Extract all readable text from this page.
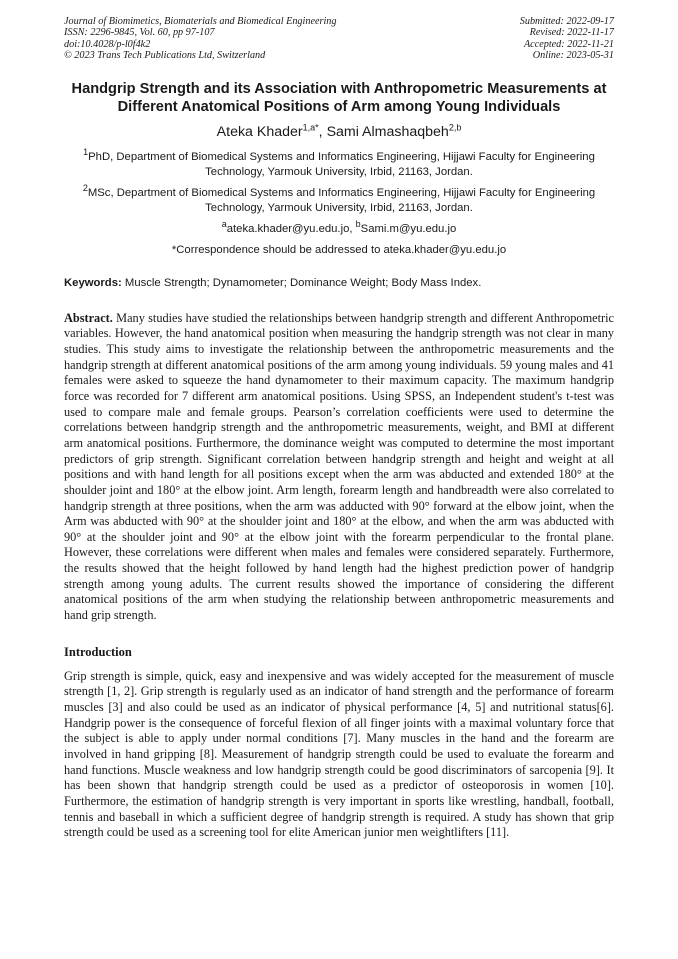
Journal of Biomimetics, Biomaterials and Biomedical Engineering
ISSN: 2296-9845, Vol. 60, pp 97-107
doi:10.4028/p-l0f4k2
© 2023 Trans Tech Publications Ltd, Switzerland
Submitted: 2022-09-17
Revised: 2022-11-17
Accepted: 2022-11-21
Online: 2023-05-31
Handgrip Strength and its Association with Anthropometric Measurements at Different Anatomical Positions of Arm among Young Individuals
Ateka Khader$^{1,a*}$, Sami Almashaqbeh$^{2,b}$
$^1$PhD, Department of Biomedical Systems and Informatics Engineering, Hijjawi Faculty for Engineering Technology, Yarmouk University, Irbid, 21163, Jordan.
$^2$MSc, Department of Biomedical Systems and Informatics Engineering, Hijjawi Faculty for Engineering Technology, Yarmouk University, Irbid, 21163, Jordan.
$^a$ateka.khader@yu.edu.jo, $^b$Sami.m@yu.edu.jo
*Correspondence should be addressed to ateka.khader@yu.edu.jo
Keywords: Muscle Strength; Dynamometer; Dominance Weight; Body Mass Index.
Abstract. Many studies have studied the relationships between handgrip strength and different Anthropometric variables. However, the hand anatomical position when measuring the handgrip strength was not clear in many studies. This study aims to investigate the relationship between the anthropometric measurements and the handgrip strength at different anatomical positions of the arm among young individuals. 59 young males and 41 females were asked to squeeze the hand dynamometer to their maximum capacity. The maximum handgrip force was recorded for 7 different arm anatomical positions. Using SPSS, an Independent student's t-test was used to compare male and female groups. Pearson’s correlation coefficients were used to determine the correlations between handgrip strength and the anthropometric measurements, weight, and BMI at different arm anatomical positions. Furthermore, the dominance weight was computed to determine the most important predictors of grip strength. Significant correlation between handgrip strength and height and weight at all positions and with hand length for all positions except when the arm was abducted and extended 180° at the shoulder joint and 180° at the elbow joint. Arm length, forearm length and handbreadth were also correlated to handgrip strength at three positions, when the arm was adducted with 90° forward at the elbow joint, when the Arm was abducted with 90° at the shoulder joint and 180° at the elbow, and when the arm was abducted with 90° at the shoulder joint and 90° at the elbow joint with the forearm perpendicular to the frontal plane. However, these correlations were different when males and females were considered separately. Furthermore, the results showed that the height followed by hand length had the highest prediction power of handgrip strength among young adults. The current results showed the importance of considering the different anatomical positions of the arm when studying the relationship between anthropometric measurements and hand grip strength.
Introduction
Grip strength is simple, quick, easy and inexpensive and was widely accepted for the measurement of muscle strength [1, 2]. Grip strength is regularly used as an indicator of hand strength and the performance of forearm muscles [3] and also could be used as an indicator of physical performance [4, 5] and nutritional status[6]. Handgrip power is the consequence of forceful flexion of all finger joints with a maximal voluntary force that the subject is able to apply under normal conditions [7]. Many muscles in the hand and the forearm are involved in hand gripping [8]. Measurement of handgrip strength could be used to evaluate the forearm and hand functions. Muscle weakness and low handgrip strength could be good discriminators of sarcopenia [9]. It has been shown that handgrip strength could be used as a predictor of osteoporosis in women [10]. Furthermore, the estimation of handgrip strength is very important in sports like wrestling, handball, football, tennis and baseball in which a sufficient degree of handgrip strength is required. A study has shown that grip strength could be used as a screening tool for elite American junior men weightlifters [11].
